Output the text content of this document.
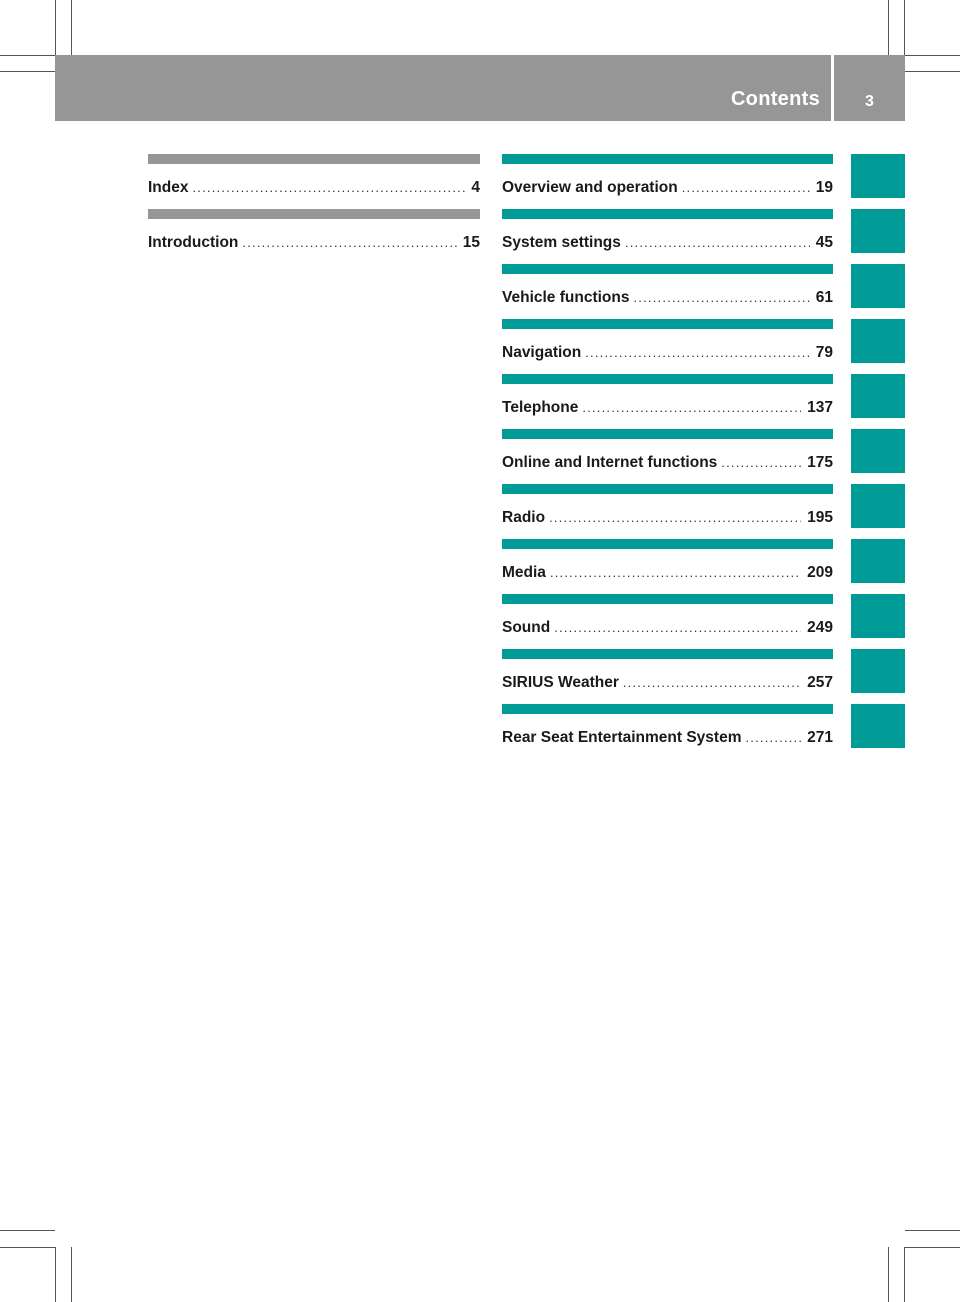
Contents	3
Index .....	4
Introduction .....	15
Overview and operation .....	19
System settings .....	45
Vehicle functions .....	61
Navigation .....	79
Telephone .....	137
Online and Internet functions .....	175
Radio .....	195
Media .....	209
Sound .....	249
SIRIUS Weather .....	257
Rear Seat Entertainment System .....	271
